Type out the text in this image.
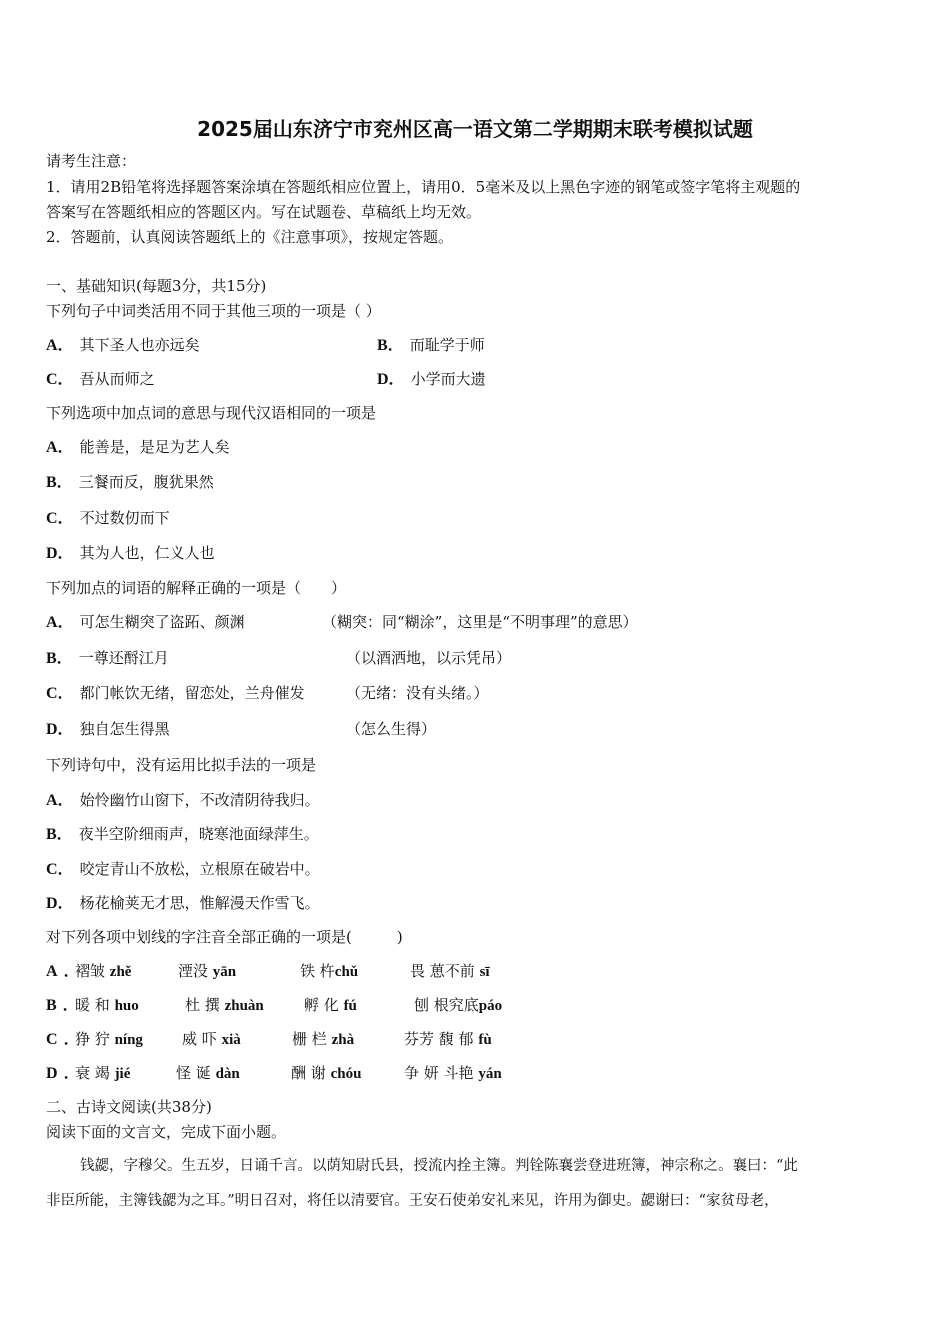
2025届山东济宁市兖州区高一语文第二学期期末联考模拟试题
请考生注意：
1．请用2B铅笔将选择题答案涂填在答题纸相应位置上，请用0．5毫米及以上黑色字迹的钢笔或签字笔将主观题的
答案写在答题纸相应的答题区内。写在试题卷、草稿纸上均无效。
2．答题前，认真阅读答题纸上的《注意事项》，按规定答题。
一、基础知识(每题3分，共15分)
下列句子中词类活用不同于其他三项的一项是（ ）
A． 其下圣人也亦远矣	B． 而耻学于师
C． 吾从而师之	D． 小学而大遗
下列选项中加点词的意思与现代汉语相同的一项是
A． 能善是，是足为艺人矣
B． 三餐而反，腹犹果然
C． 不过数仞而下
D． 其为人也，仁义人也
下列加点的词语的解释正确的一项是（　　）
A． 可怎生糊突了盗跖、颜渊	（糊突：同“糊涂”，这里是“不明事理”的意思）
B． 一尊还酹江月	（以酒洒地，以示凭吊）
C． 都门帐饮无绪，留恋处，兰舟催发	（无绪：没有头绪。）
D． 独自怎生得黑	（怎么生得）
下列诗句中，没有运用比拟手法的一项是
A． 始怜幽竹山窗下，不改清阴待我归。
B． 夜半空阶细雨声，晓寒池面绿萍生。
C． 咬定青山不放松，立根原在破岩中。
D． 杨花榆荚无才思，惟解漫天作雪飞。
对下列各项中划线的字注音全部正确的一项是(　　　)
A ．
褶皱 zhě	湮没 yān	铁 杵chǔ	畏 葸不前 sī
B ．
暖 和 huo	杜 撰 zhuàn	孵 化 fú	刨 根究底páo
C ．
狰 狞 níng	威 吓 xià	栅 栏 zhà	芬芳 馥 郁 fù
D ．
衰 竭 jié	怪 诞 dàn	酬 谢 chóu	争 妍 斗艳 yán
二、古诗文阅读(共38分)
阅读下面的文言文，完成下面小题。
钱勰，字穆父。生五岁，日诵千言。以荫知尉氏县，授流内拴主簿。判铨陈襄尝登进班簿，神宗称之。襄曰：“此
非臣所能，主簿钱勰为之耳。”明日召对，将任以清要官。王安石使弟安礼来见，许用为御史。勰谢曰：“家贫母老，
